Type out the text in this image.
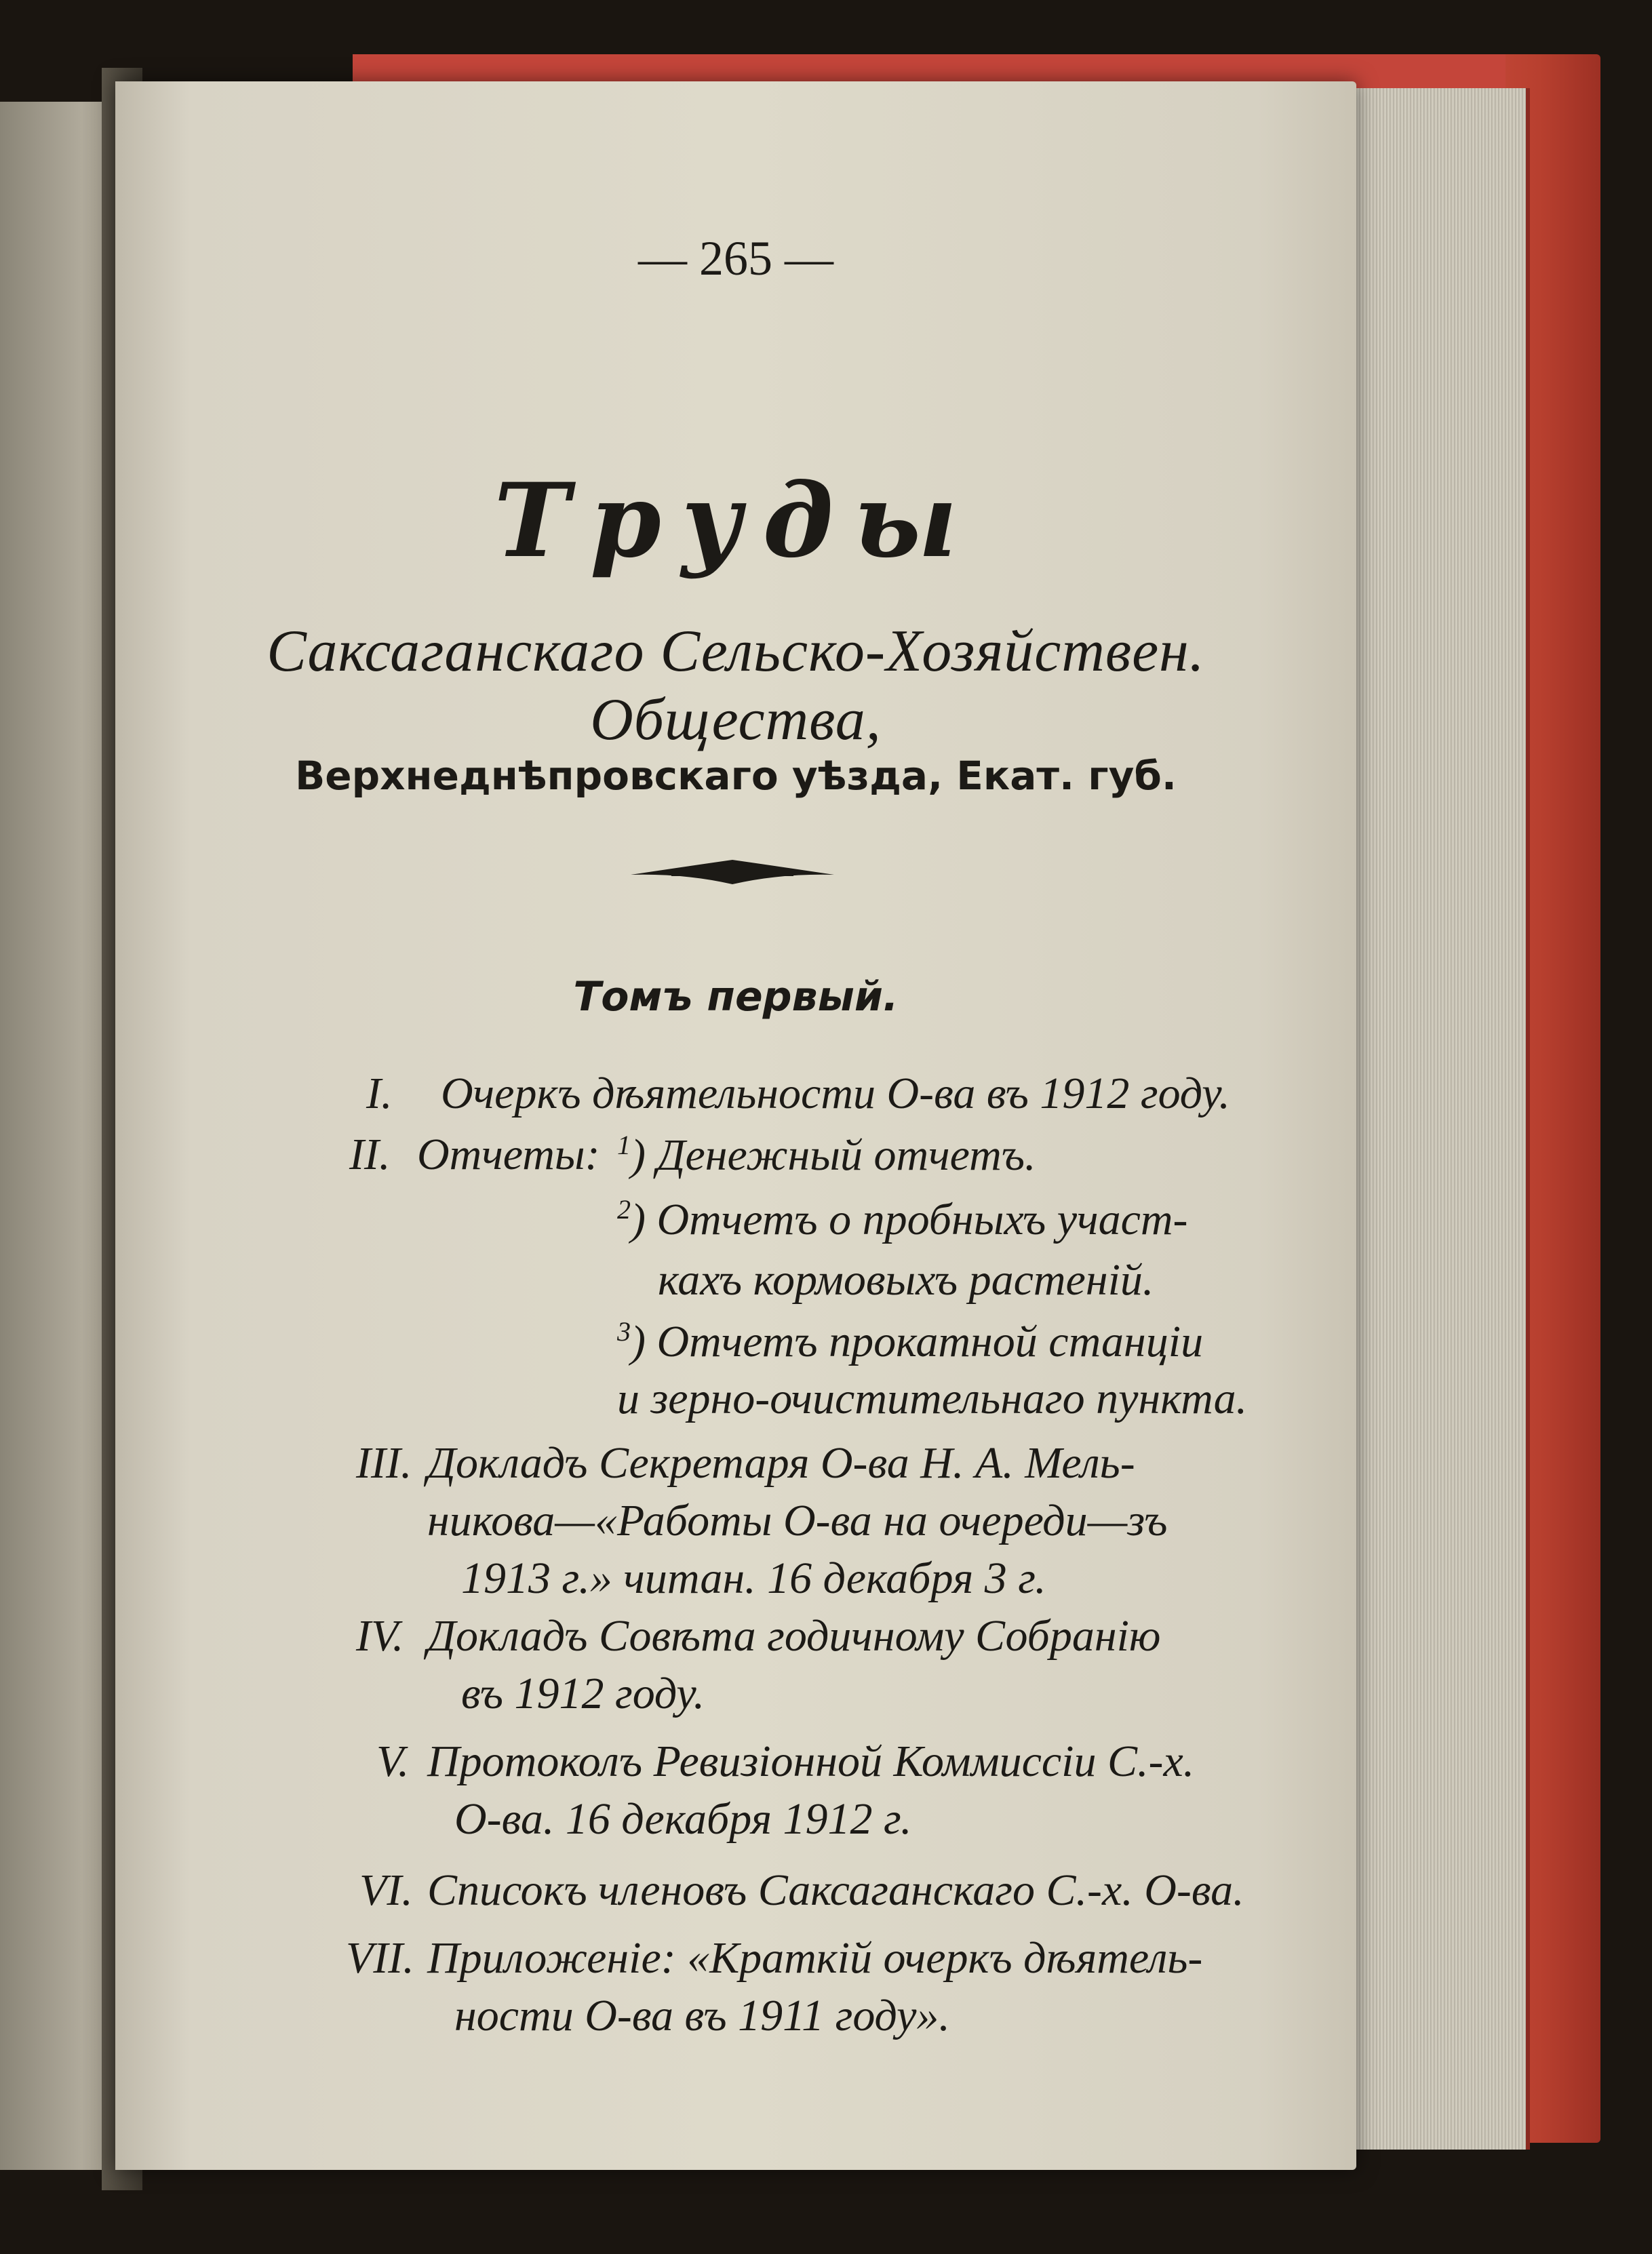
— 265 —
Труды
Саксаганскаго Сельско-Хозяйствен. Общества,
Верхнеднѣпровскаго уѣзда, Екат. губ.
Томъ первый.
I. Очеркъ дѣятельности О-ва въ 1912 году.
II. Отчеты: $^1$) Денежный отчетъ.
$^2$) Отчетъ о пробныхъ участ-
кахъ кормовыхъ растеній.
$^3$) Отчетъ прокатной станціи
и зерно-очистительнаго пункта.
III. Докладъ Секретаря О-ва Н. А. Мель-
никова—«Работы О-ва на очереди—зъ
1913 г.» читан. 16 декабря 3 г.
IV. Докладъ Совѣта годичному Собранію
въ 1912 году.
V. Протоколъ Ревизіонной Коммиссіи С.-х.
О-ва. 16 декабря 1912 г.
VI. Списокъ членовъ Саксаганскаго С.-х. О-ва.
VII. Приложеніе: «Краткій очеркъ дѣятель-
ности О-ва въ 1911 году».
